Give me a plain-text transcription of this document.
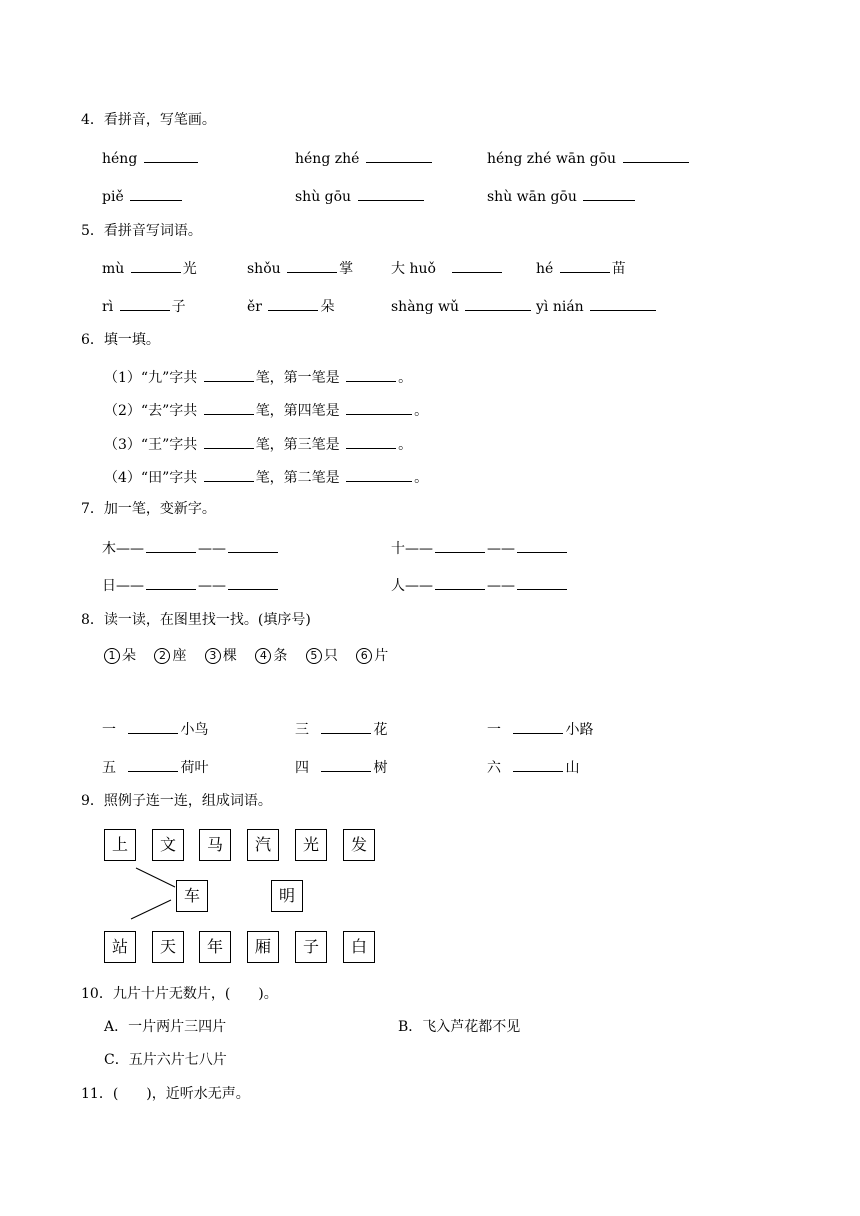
4．看拼音，写笔画。
héng	héng zhé	héng zhé wān gōu
piě	shù gōu	shù wān gōu
5．看拼音写词语。
mù	光	shǒu	掌	大 huǒ	hé	苗
rì	子	ěr	朵	shàng wǔ	yì nián
6．填一填。
（1）“九”字共	笔，第一笔是	。
（2）“去”字共	笔，第四笔是	。
（3）“王”字共	笔，第三笔是	。
（4）“田”字共	笔，第二笔是	。
7．加一笔，变新字。
木——	——	十——	——
日——	——	人——	——
8．读一读，在图里找一找。(填序号)
1 朵 2 座 3 棵 4 条 5 只 6 片
一	小鸟	三	花	一	小路
五	荷叶	四	树	六	山
9．照例子连一连，组成词语。
上	文	马	汽	光	发
车	明
站	天	年	厢	子	白
10．九片十片无数片，(　　)。
A．一片两片三四片	B．飞入芦花都不见
C．五片六片七八片
11．(　　)，近听水无声。
